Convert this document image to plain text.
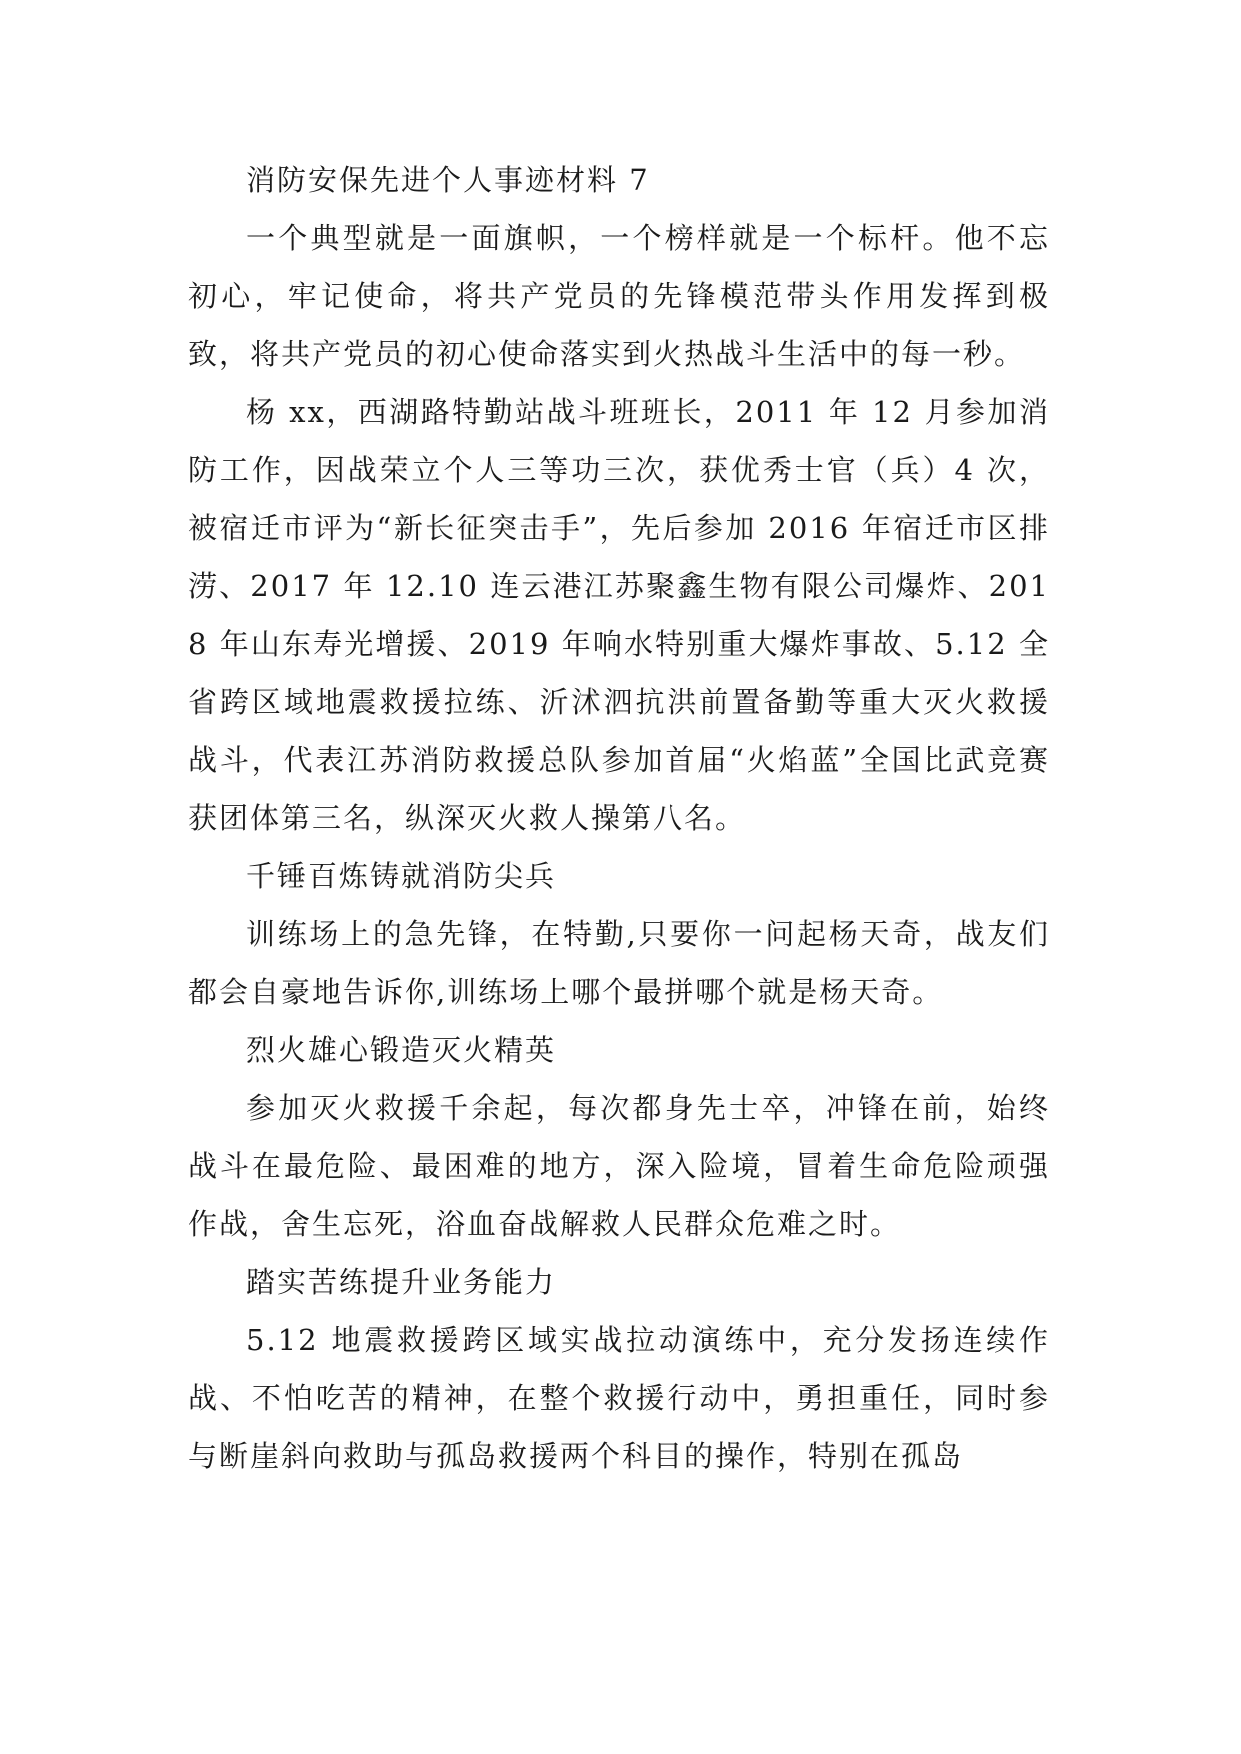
消防安保先进个人事迹材料 7

一个典型就是一面旗帜，一个榜样就是一个标杆。他不忘初心，牢记使命，将共产党员的先锋模范带头作用发挥到极致，将共产党员的初心使命落实到火热战斗生活中的每一秒。

杨 xx，西湖路特勤站战斗班班长，2011 年 12 月参加消防工作，因战荣立个人三等功三次，获优秀士官（兵）4 次，被宿迁市评为“新长征突击手”，先后参加 2016 年宿迁市区排涝、2017 年 12.10 连云港江苏聚鑫生物有限公司爆炸、2018 年山东寿光增援、2019 年响水特别重大爆炸事故、5.12 全省跨区域地震救援拉练、沂沭泗抗洪前置备勤等重大灭火救援战斗，代表江苏消防救援总队参加首届“火焰蓝”全国比武竞赛获团体第三名，纵深灭火救人操第八名。

千锤百炼铸就消防尖兵

训练场上的急先锋，在特勤,只要你一问起杨天奇，战友们都会自豪地告诉你,训练场上哪个最拼哪个就是杨天奇。

烈火雄心锻造灭火精英

参加灭火救援千余起，每次都身先士卒，冲锋在前，始终战斗在最危险、最困难的地方，深入险境，冒着生命危险顽强作战，舍生忘死，浴血奋战解救人民群众危难之时。

踏实苦练提升业务能力

5.12 地震救援跨区域实战拉动演练中，充分发扬连续作战、不怕吃苦的精神，在整个救援行动中，勇担重任，同时参与断崖斜向救助与孤岛救援两个科目的操作，特别在孤岛
